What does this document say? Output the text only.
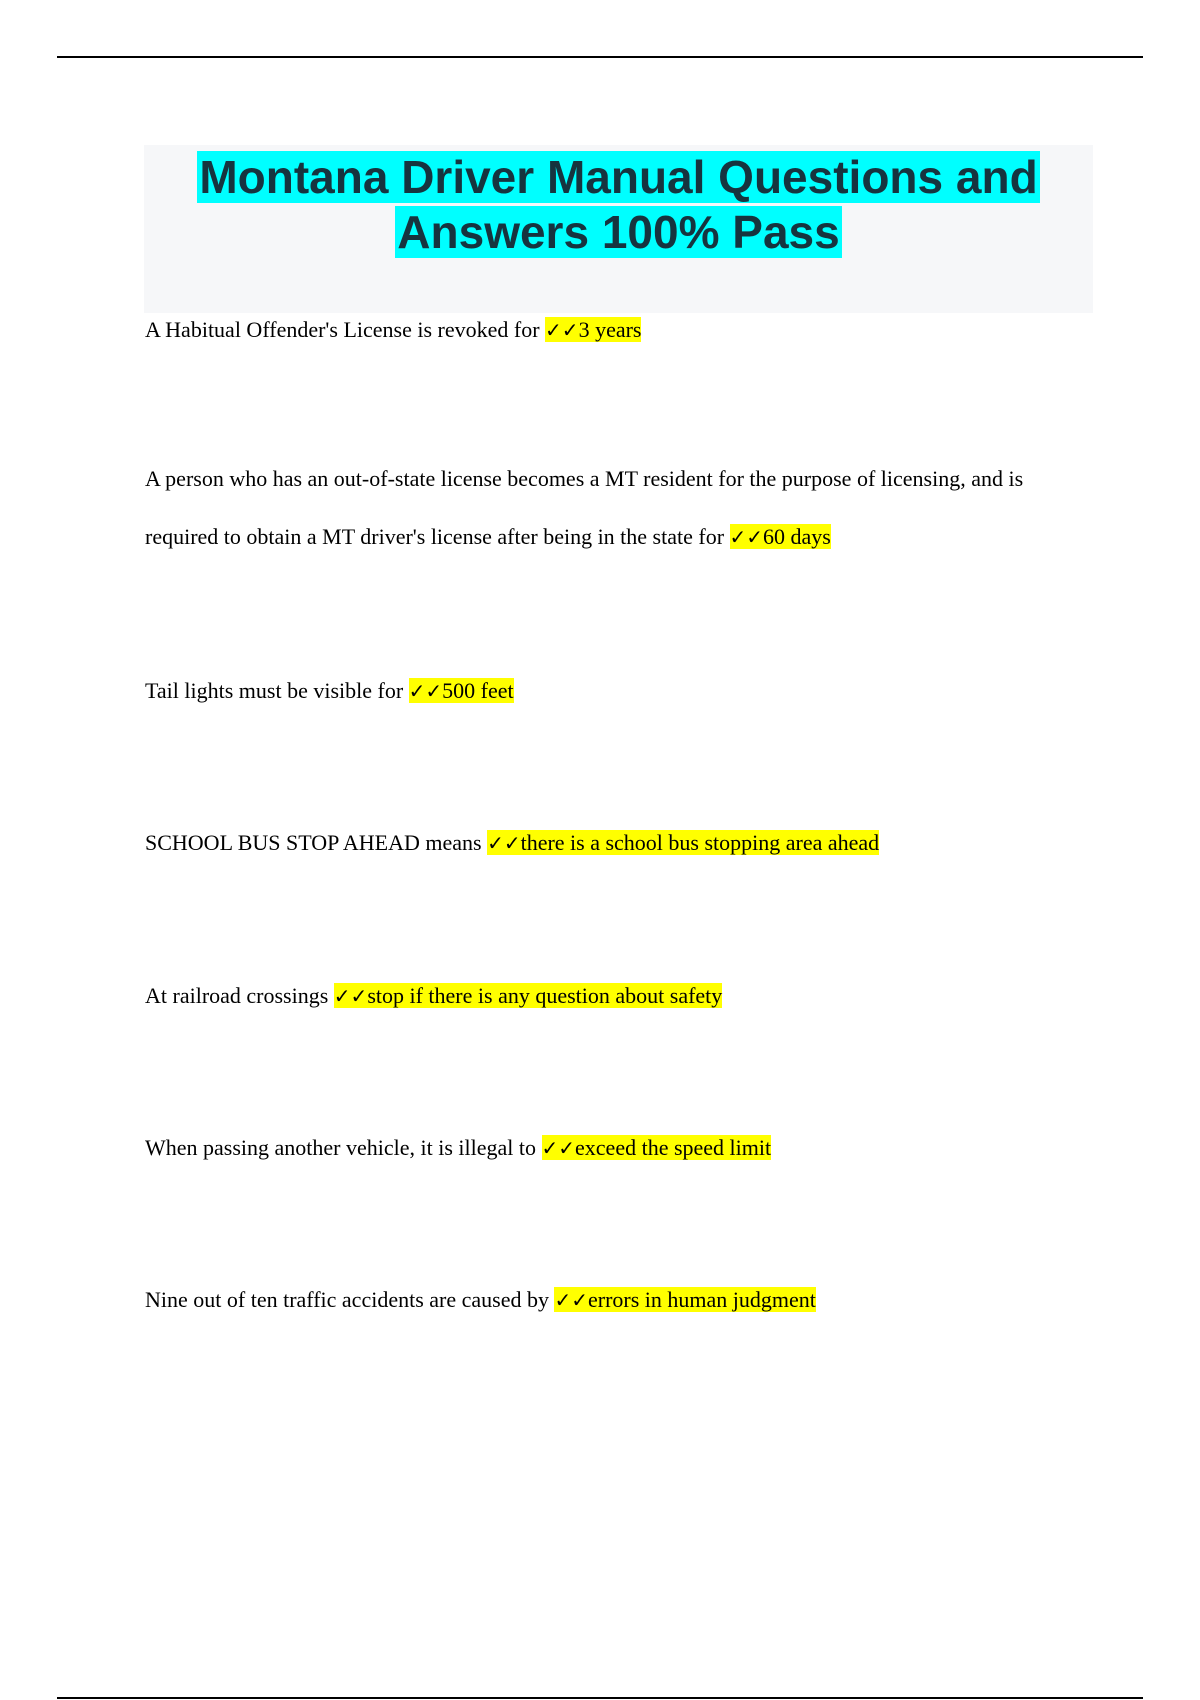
Montana Driver Manual Questions and
Answers 100% Pass

A Habitual Offender's License is revoked for ✓✓3 years

A person who has an out-of-state license becomes a MT resident for the purpose of licensing, and is required to obtain a MT driver's license after being in the state for ✓✓60 days

Tail lights must be visible for ✓✓500 feet

SCHOOL BUS STOP AHEAD means ✓✓there is a school bus stopping area ahead

At railroad crossings ✓✓stop if there is any question about safety

When passing another vehicle, it is illegal to ✓✓exceed the speed limit

Nine out of ten traffic accidents are caused by ✓✓errors in human judgment
